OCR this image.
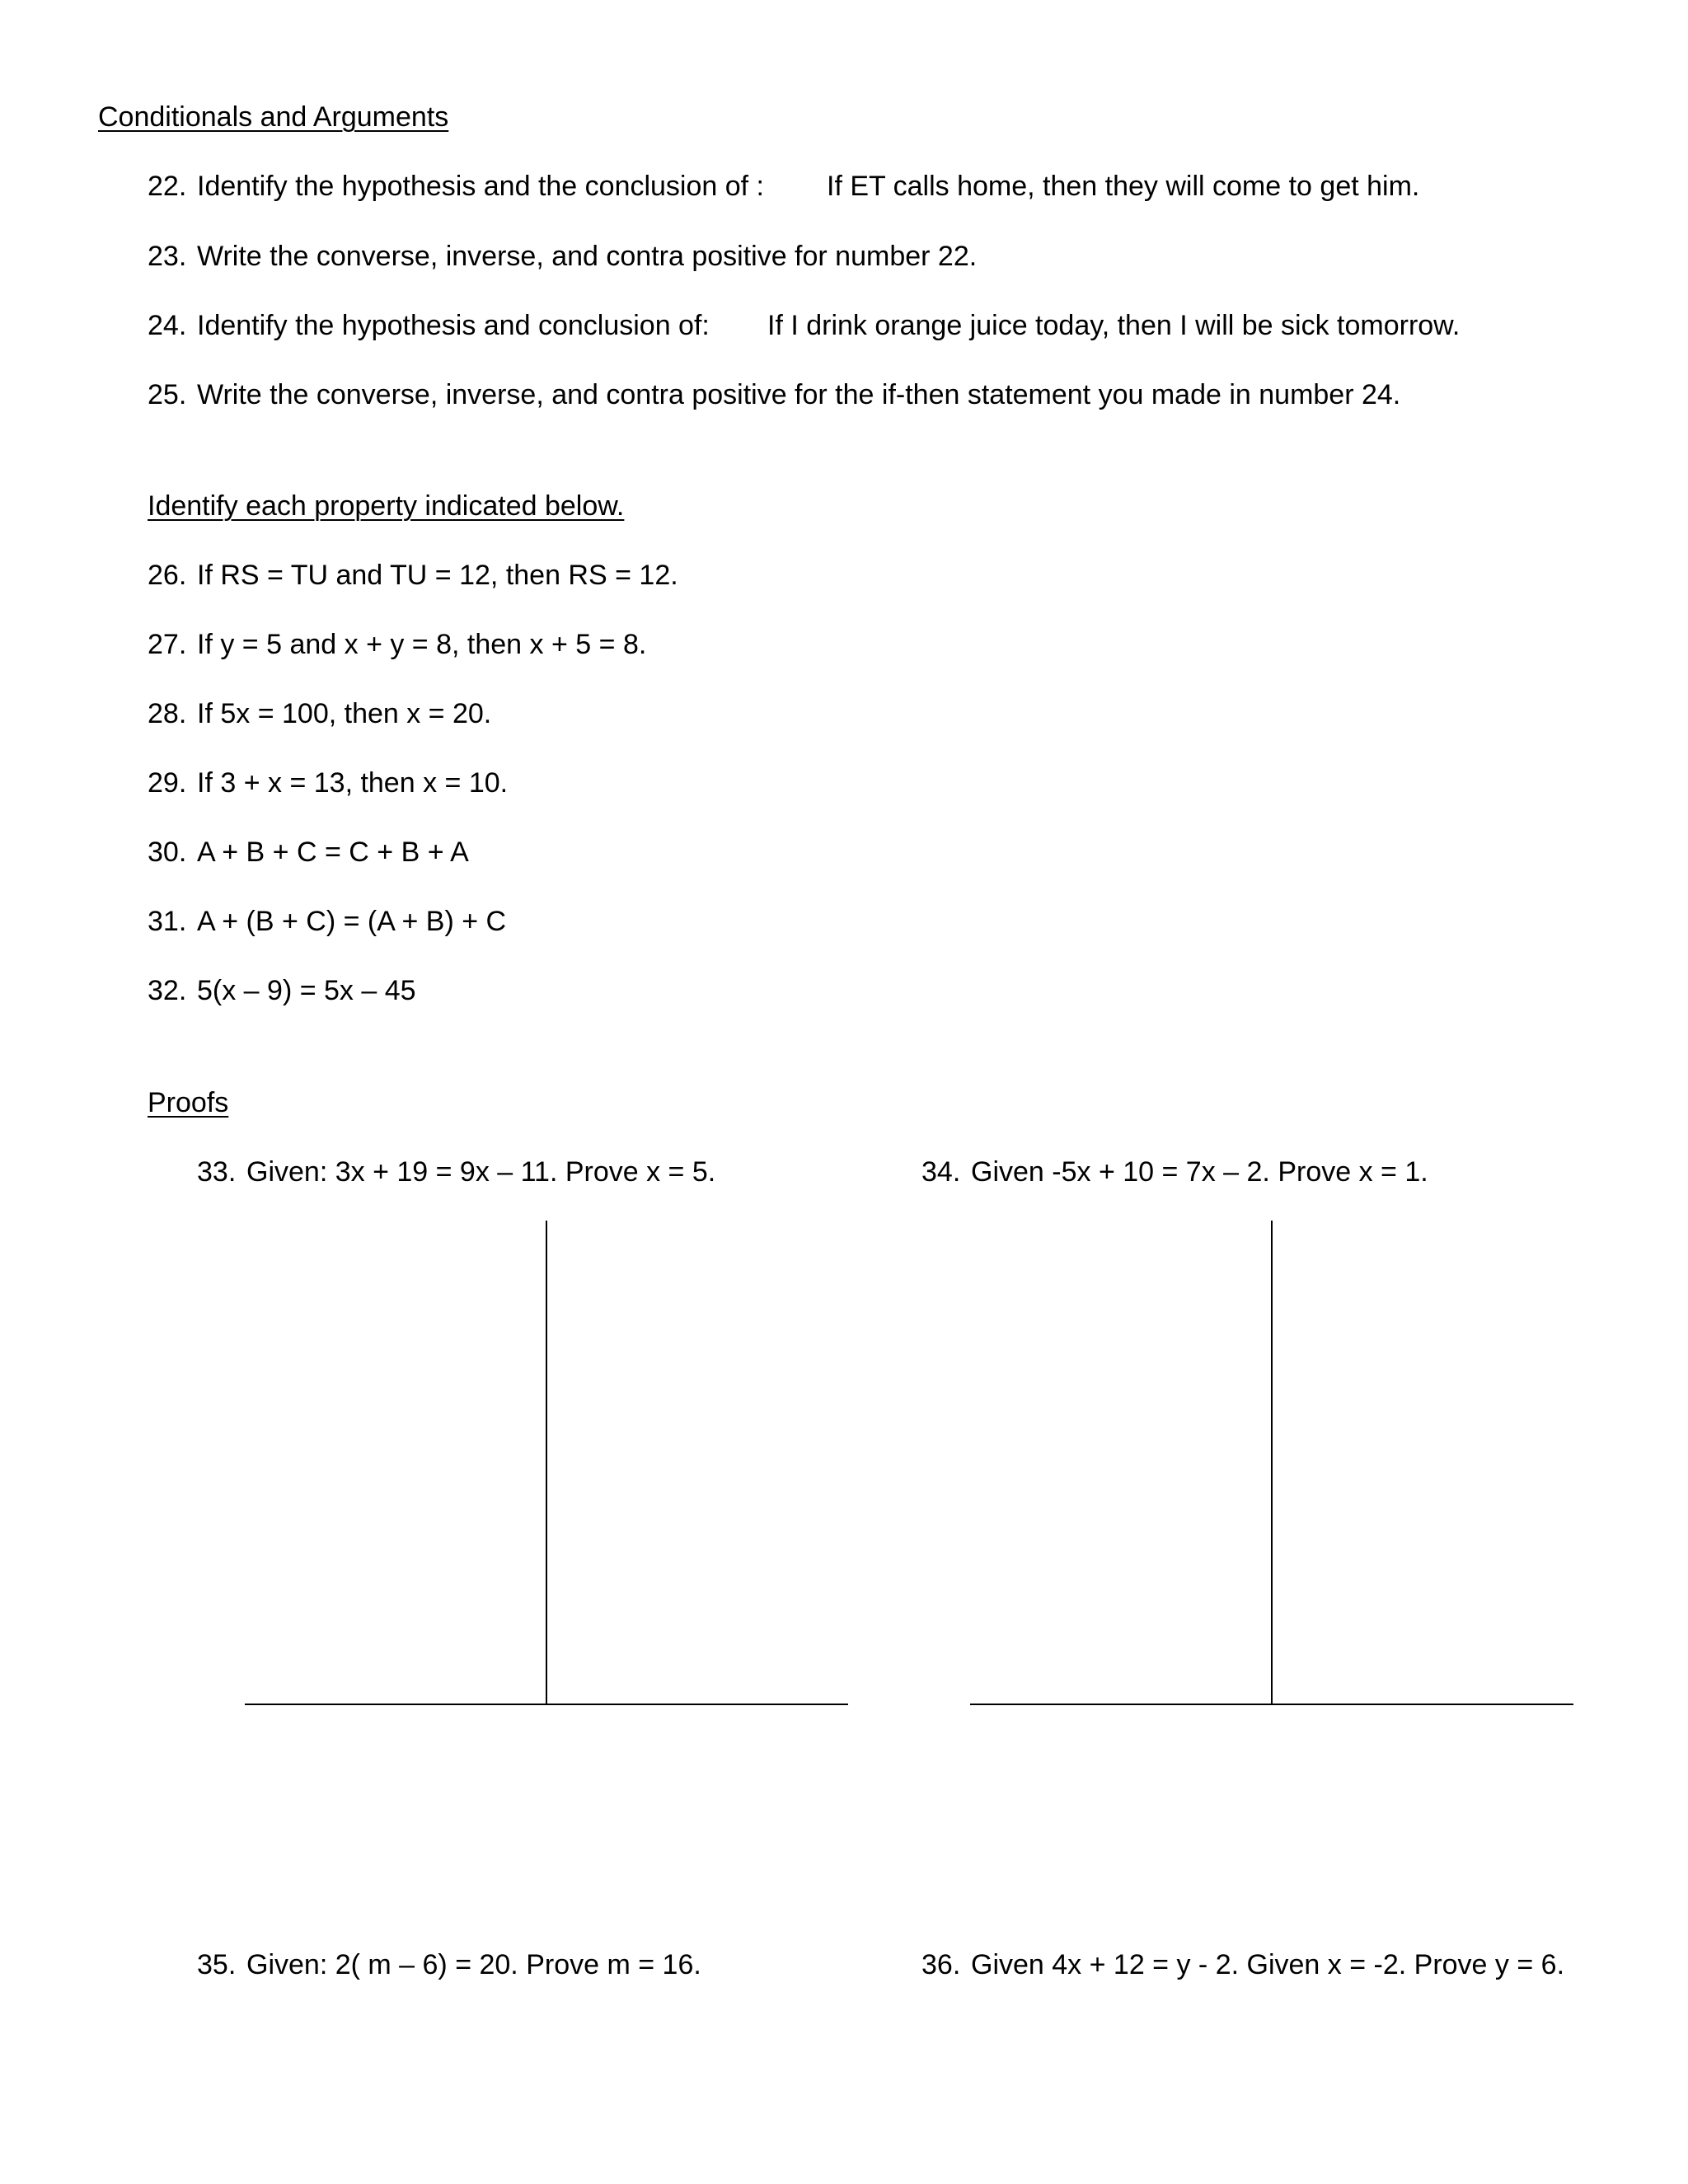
Conditionals and Arguments
22. Identify the hypothesis and the conclusion of : If ET calls home, then they will come to get him.
23. Write the converse, inverse, and contra positive for number 22.
24. Identify the hypothesis and conclusion of: If I drink orange juice today, then I will be sick tomorrow.
25. Write the converse, inverse, and contra positive for the if-then statement you made in number 24.
Identify each property indicated below.
26. If RS = TU and TU = 12, then RS = 12.
27. If y = 5 and x + y = 8, then x + 5 = 8.
28. If 5x = 100, then x = 20.
29. If 3 + x = 13, then x = 10.
30. A + B + C = C + B + A
31. A + (B + C) = (A + B) + C
32. 5(x – 9) = 5x – 45
Proofs
33. Given: 3x + 19 = 9x – 11. Prove x = 5.	34. Given -5x + 10 = 7x – 2. Prove x = 1.
35. Given: 2( m – 6) = 20. Prove m = 16.	36. Given 4x + 12 = y - 2. Given x = -2. Prove y = 6.
